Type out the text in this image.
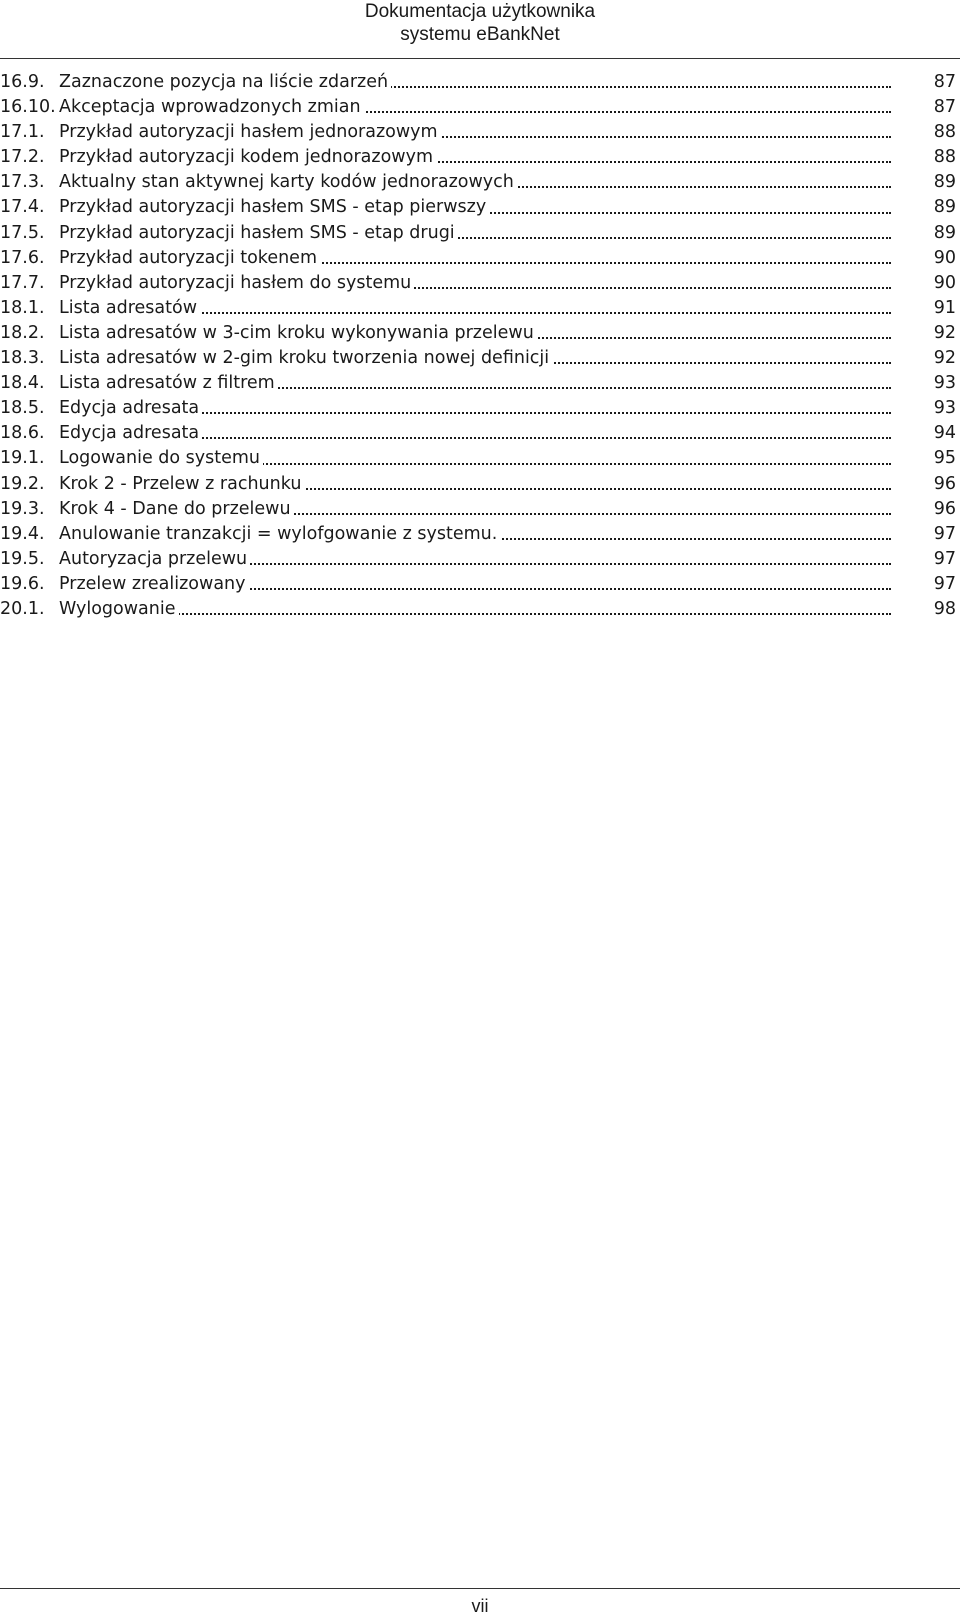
Dokumentacja użytkownika
systemu eBankNet
16.9. Zaznaczone pozycja na liście zdarzeń	87
16.10. Akceptacja wprowadzonych zmian	87
17.1. Przykład autoryzacji hasłem jednorazowym	88
17.2. Przykład autoryzacji kodem jednorazowym	88
17.3. Aktualny stan aktywnej karty kodów jednorazowych	89
17.4. Przykład autoryzacji hasłem SMS - etap pierwszy	89
17.5. Przykład autoryzacji hasłem SMS - etap drugi	89
17.6. Przykład autoryzacji tokenem	90
17.7. Przykład autoryzacji hasłem do systemu	90
18.1. Lista adresatów	91
18.2. Lista adresatów w 3-cim kroku wykonywania przelewu	92
18.3. Lista adresatów w 2-gim kroku tworzenia nowej definicji	92
18.4. Lista adresatów z filtrem	93
18.5. Edycja adresata	93
18.6. Edycja adresata	94
19.1. Logowanie do systemu	95
19.2. Krok 2 - Przelew z rachunku	96
19.3. Krok 4 - Dane do przelewu	96
19.4. Anulowanie tranzakcji = wylofgowanie z systemu.	97
19.5. Autoryzacja przelewu	97
19.6. Przelew zrealizowany	97
20.1. Wylogowanie	98
vii
